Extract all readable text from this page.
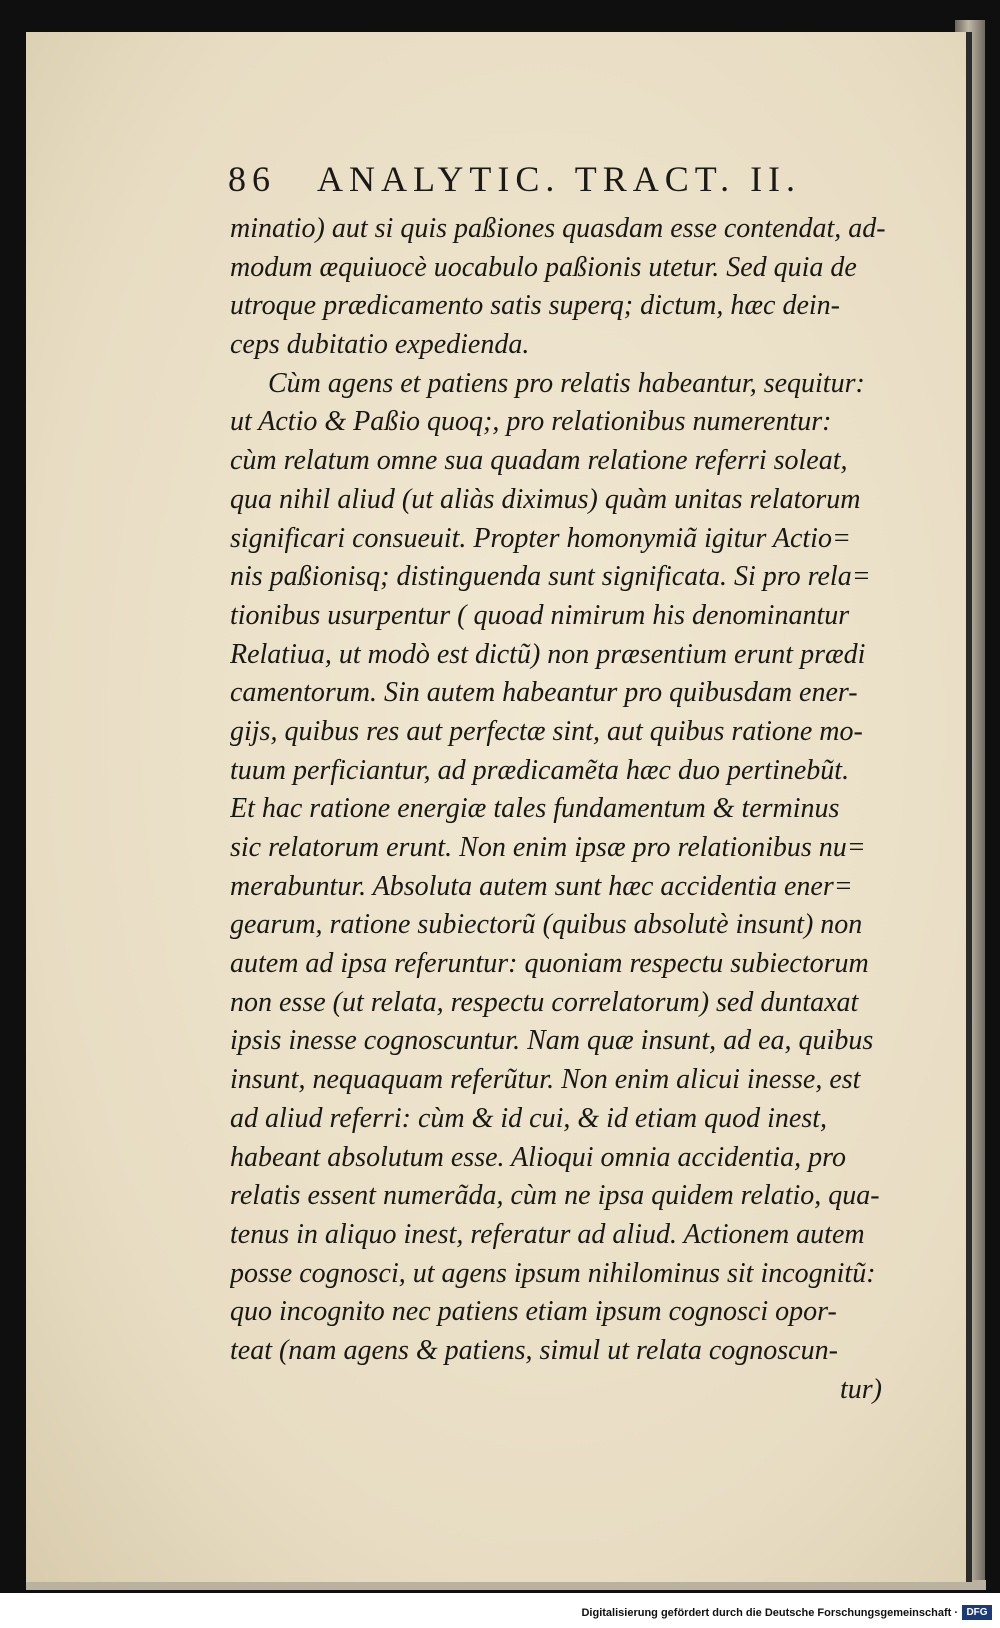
86 ANALYTIC. TRACT. II.
minatio) aut si quis paßiones quasdam esse contendat, ad-
modum æquiuocè uocabulo paßionis utetur. Sed quia de
utroque prædicamento satis superq; dictum, hæc dein-
ceps dubitatio expedienda.
Cùm agens et patiens pro relatis habeantur, sequitur:
ut Actio & Paßio quoq;, pro relationibus numerentur:
cùm relatum omne sua quadam relatione referri soleat,
qua nihil aliud (ut aliàs diximus) quàm unitas relatorum
significari consueuit. Propter homonymiã igitur Actio=
nis paßionisq; distinguenda sunt significata. Si pro rela=
tionibus usurpentur ( quoad nimirum his denominantur
Relatiua, ut modò est dictũ) non præsentium erunt prædi
camentorum. Sin autem habeantur pro quibusdam ener-
gijs, quibus res aut perfectæ sint, aut quibus ratione mo-
tuum perficiantur, ad prædicamẽta hæc duo pertinebũt.
Et hac ratione energiæ tales fundamentum & terminus
sic relatorum erunt. Non enim ipsæ pro relationibus nu=
merabuntur. Absoluta autem sunt hæc accidentia ener=
gearum, ratione subiectorũ (quibus absolutè insunt) non
autem ad ipsa referuntur: quoniam respectu subiectorum
non esse (ut relata, respectu correlatorum) sed duntaxat
ipsis inesse cognoscuntur. Nam quæ insunt, ad ea, quibus
insunt, nequaquam referũtur. Non enim alicui inesse, est
ad aliud referri: cùm & id cui, & id etiam quod inest,
habeant absolutum esse. Alioqui omnia accidentia, pro
relatis essent numerãda, cùm ne ipsa quidem relatio, qua-
tenus in aliquo inest, referatur ad aliud. Actionem autem
posse cognosci, ut agens ipsum nihilominus sit incognitũ:
quo incognito nec patiens etiam ipsum cognosci opor-
teat (nam agens & patiens, simul ut relata cognoscun-
tur)
Digitalisierung gefördert durch die Deutsche Forschungsgemeinschaft · DFG
